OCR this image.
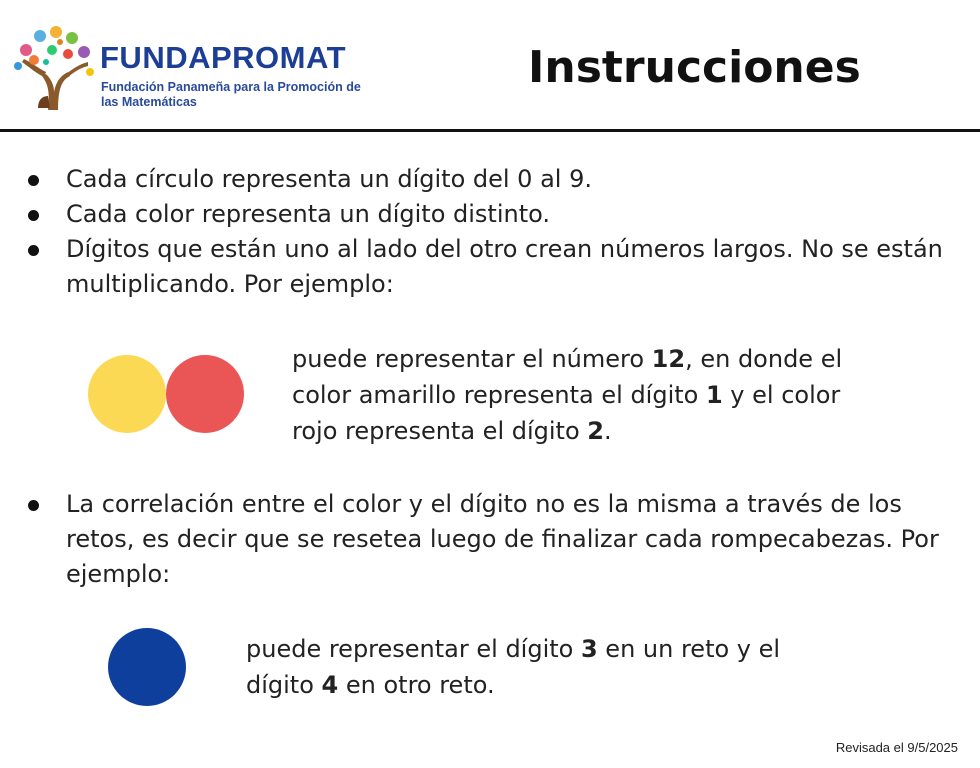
FUNDAPROMAT
Fundación Panameña para la Promoción de
las Matemáticas
Instrucciones
Cada círculo representa un dígito del 0 al 9.
Cada color representa un dígito distinto.
Dígitos que están uno al lado del otro crean números largos. No se están multiplicando. Por ejemplo:
La correlación entre el color y el dígito no es la misma a través de los retos, es decir que se resetea luego de finalizar cada rompecabezas. Por ejemplo:
puede representar el número 12, en donde el
color amarillo representa el dígito 1 y el color
rojo representa el dígito 2.
puede representar el dígito 3 en un reto y el
dígito 4 en otro reto.
Revisada el 9/5/2025
